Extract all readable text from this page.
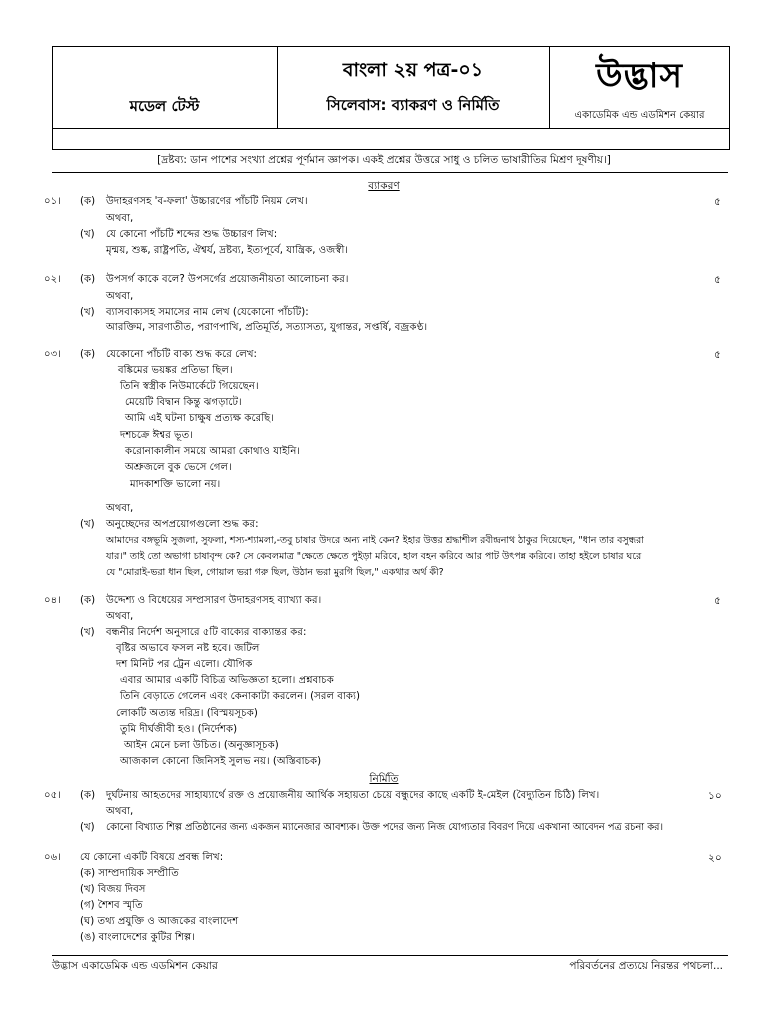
মডেল টেস্ট
বাংলা ২য় পত্র-০১
সিলেবাস: ব্যাকরণ ও নির্মিতি
উদ্ভাস
একাডেমিক এন্ড এডমিশন কেয়ার
[দ্রষ্টব্য: ডান পাশের সংখ্যা প্রশ্নের পূর্ণমান জ্ঞাপক। একই প্রশ্নের উত্তরে সাধু ও চলিত ভাষারীতির মিশ্রণ দূষণীয়।]
ব্যাকরণ
০১। (ক) উদাহরণসহ 'ব-ফলা' উচ্চারণের পাঁচটি নিয়ম লেখ।	৫
অথবা,
(খ) যে কোনো পাঁচটি শব্দের শুদ্ধ উচ্চারণ লিখ:
মৃন্ময়, শুষ্ক, রাষ্ট্রপতি, ঐশ্বর্য, দ্রষ্টব্য, ইত্যপূর্বে, যান্ত্রিক, ওজস্বী।
০২। (ক) উপসর্গ কাকে বলে? উপসর্গের প্রয়োজনীয়তা আলোচনা কর।	৫
অথবা,
(খ) ব্যাসবাক্যসহ সমাসের নাম লেখ (যেকোনো পাঁচটি):
আরক্তিম, সারণাতীত, পরাণপাখি, প্রতিমূর্তি, সত্যাসত্য, যুগান্তর, সপ্তর্ষি, বজ্রকণ্ঠ।
০৩। (ক) যেকোনো পাঁচটি বাক্য শুদ্ধ করে লেখ:	৫
বঙ্কিমের ভয়ঙ্কর প্রতিভা ছিল।
তিনি স্বস্ত্রীক নিউমার্কেটে গিয়েছেন।
মেয়েটি বিদ্বান কিন্তু ঝগড়াটে।
আমি এই ঘটনা চাক্ষুষ প্রত্যক্ষ করেছি।
দশচক্রে ঈশ্বর ভূত।
করোনাকালীন সময়ে আমরা কোথাও যাইনি।
অশ্রুজলে বুক ভেসে গেল।
মাদকাশক্তি ভালো নয়।
অথবা,
(খ) অনুচ্ছেদের অপপ্রয়োগগুলো শুদ্ধ কর:
আমাদের বঙ্গভূমি সুজলা, সুফলা, শস্য-শ্যামলা,-তবু চাষার উদরে অন্য নাই কেন? ইহার উত্তর শ্রদ্ধাশীল রবীন্দ্রনাথ ঠাকুর দিয়েছেন, "ধান তার বসুন্ধরা
যার।" তাই তো অভাগা চাষাবৃন্দ কে? সে কেবলমাত্র "ক্ষেতে ক্ষেতে পুইড়া মরিবে, হাল বহন করিবে আর পাট উৎপন্ন করিবে। তাহা হইলে চাষার ঘরে
যে "মোরাই-ভরা ধান ছিল, গোয়াল ভরা গরু ছিল, উঠান ভরা মুরগি ছিল," একথার অর্থ কী?
০৪। (ক) উদ্দেশ্য ও বিধেয়ের সম্প্রসারণ উদাহরণসহ ব্যাখ্যা কর।	৫
অথবা,
(খ) বন্ধনীর নির্দেশ অনুসারে ৫টি বাক্যের বাক্যান্তর কর:
বৃষ্টির অভাবে ফসল নষ্ট হবে। জটিল
দশ মিনিট পর ট্রেন এলো। যৌগিক
এবার আমার একটি বিচিত্র অভিজ্ঞতা হলো। প্রশ্নবাচক
তিনি বেড়াতে গেলেন এবং কেনাকাটা করলেন। (সরল বাক্য)
লোকটি অত্যন্ত দরিদ্র। (বিস্ময়সূচক)
তুমি দীর্ঘজীবী হও। (নির্দেশক)
আইন মেনে চলা উচিত। (অনুজ্ঞাসূচক)
আজকাল কোনো জিনিসই সুলভ নয়। (অস্তিবাচক)
নির্মিতি
০৫। (ক) দুর্ঘটনায় আহতদের সাহায্যার্থে রক্ত ও প্রয়োজনীয় আর্থিক সহায়তা চেয়ে বন্ধুদের কাছে একটি ই-মেইল (বৈদ্যুতিন চিঠি) লিখ।	১০
অথবা,
(খ) কোনো বিখ্যাত শিল্প প্রতিষ্ঠানের জন্য একজন ম্যানেজার আবশ্যক। উক্ত পদের জন্য নিজ যোগ্যতার বিবরণ দিয়ে একখানা আবেদন পত্র রচনা কর।
০৬। যে কোনো একটি বিষয়ে প্রবন্ধ লিখ:	২০
(ক) সাম্প্রদায়িক সম্প্রীতি
(খ) বিজয় দিবস
(গ) শৈশব স্মৃতি
(ঘ) তথ্য প্রযুক্তি ও আজকের বাংলাদেশ
(ঙ) বাংলাদেশের কুটির শিল্প।
উদ্ভাস একাডেমিক এন্ড এডমিশন কেয়ার	পরিবর্তনের প্রত্যয়ে নিরন্তর পথচলা...
